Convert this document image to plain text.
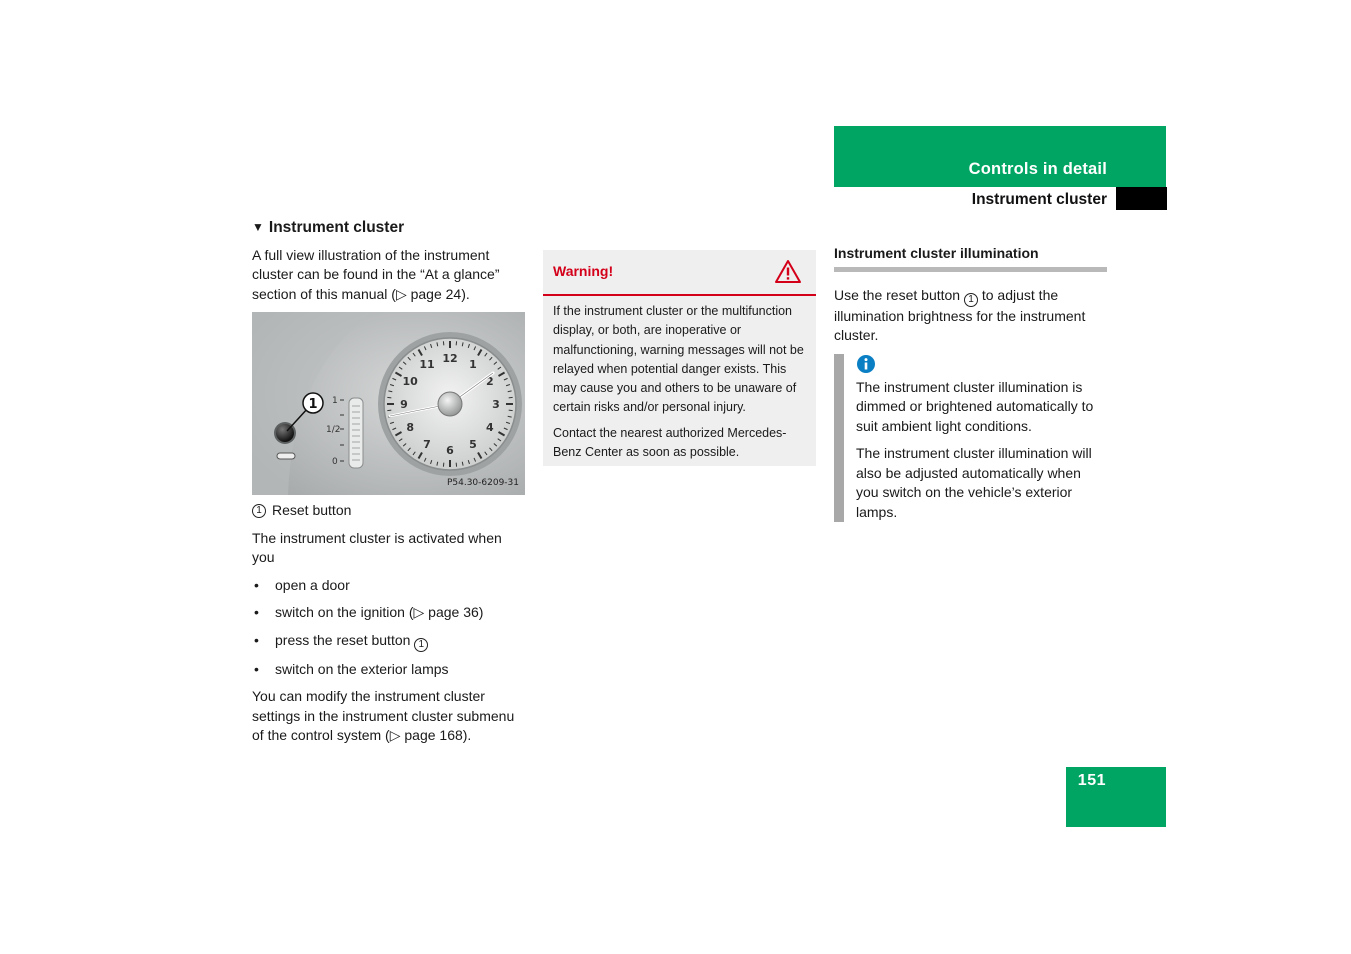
Controls in detail
Instrument cluster
▼ Instrument cluster

A full view illustration of the instrument cluster can be found in the “At a glance” section of this manual (▷ page 24).

12 1
2
3
4
5
6
7
8
9
10
11
1
1/2
0
1
P54.30-6209-31
1 Reset button

The instrument cluster is activated when you

• open a door
• switch on the ignition (▷ page 36)
• press the reset button 1
• switch on the exterior lamps

You can modify the instrument cluster settings in the instrument cluster submenu of the control system (▷ page 168).

Warning!

If the instrument cluster or the multifunction display, or both, are inoperative or malfunctioning, warning messages will not be relayed when potential danger exists. This may cause you and others to be unaware of certain risks and/or personal injury.

Contact the nearest authorized Mercedes-Benz Center as soon as possible.

Instrument cluster illumination

Use the reset button 1 to adjust the illumination brightness for the instrument cluster.

The instrument cluster illumination is dimmed or brightened automatically to suit ambient light conditions.

The instrument cluster illumination will also be adjusted automatically when you switch on the vehicle’s exterior lamps.

151
